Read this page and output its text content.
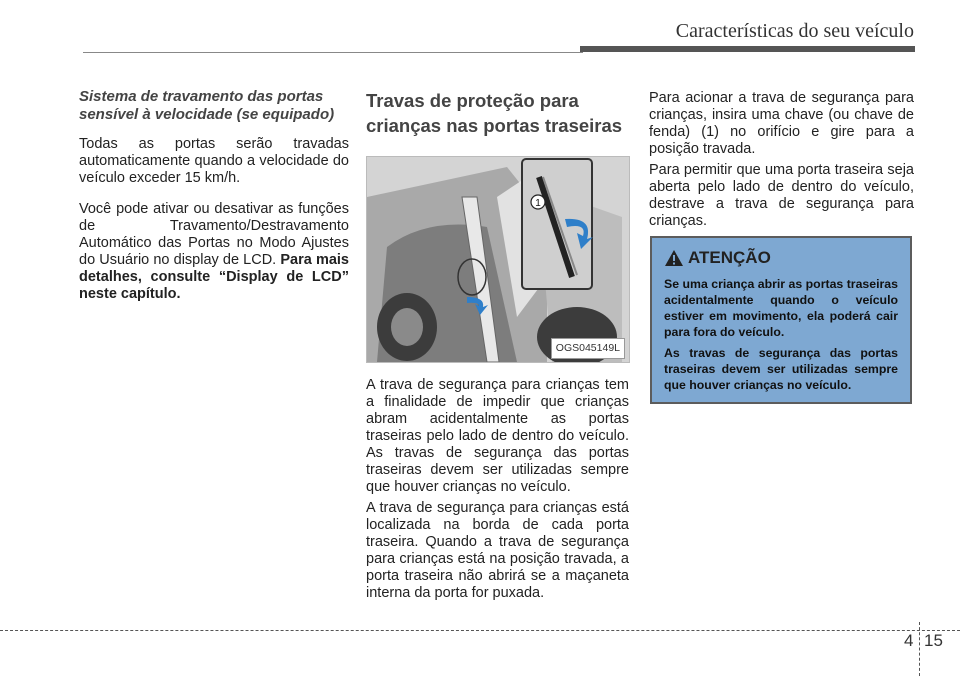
Características do seu veículo
Sistema de travamento das portas sensível à velocidade (se equipado)

Todas as portas serão travadas automaticamente quando a velocidade do veículo exceder 15 km/h.

Você pode ativar ou desativar as funções de Travamento/Destravamento Automático das Portas no Modo Ajustes do Usuário no display de LCD. Para mais detalhes, consulte “Display de LCD” neste capítulo.

Travas de proteção para crianças nas portas traseiras
1
OGS045149L

A trava de segurança para crianças tem a finalidade de impedir que crianças abram acidentalmente as portas traseiras pelo lado de dentro do veículo. As travas de segurança das portas traseiras devem ser utilizadas sempre que houver crianças no veículo.

A trava de segurança para crianças está localizada na borda de cada porta traseira. Quando a trava de segurança para crianças está na posição travada, a porta traseira não abrirá se a maçaneta interna da porta for puxada.

Para acionar a trava de segurança para crianças, insira uma chave (ou chave de fenda) (1) no orifício e gire para a posição travada.

Para permitir que uma porta traseira seja aberta pelo lado de dentro do veículo, destrave a trava de segurança para crianças.

ATENÇÃO

Se uma criança abrir as portas traseiras acidentalmente quando o veículo estiver em movimento, ela poderá cair para fora do veículo.

As travas de segurança das portas traseiras devem ser utilizadas sempre que houver crianças no veículo.

4 15
